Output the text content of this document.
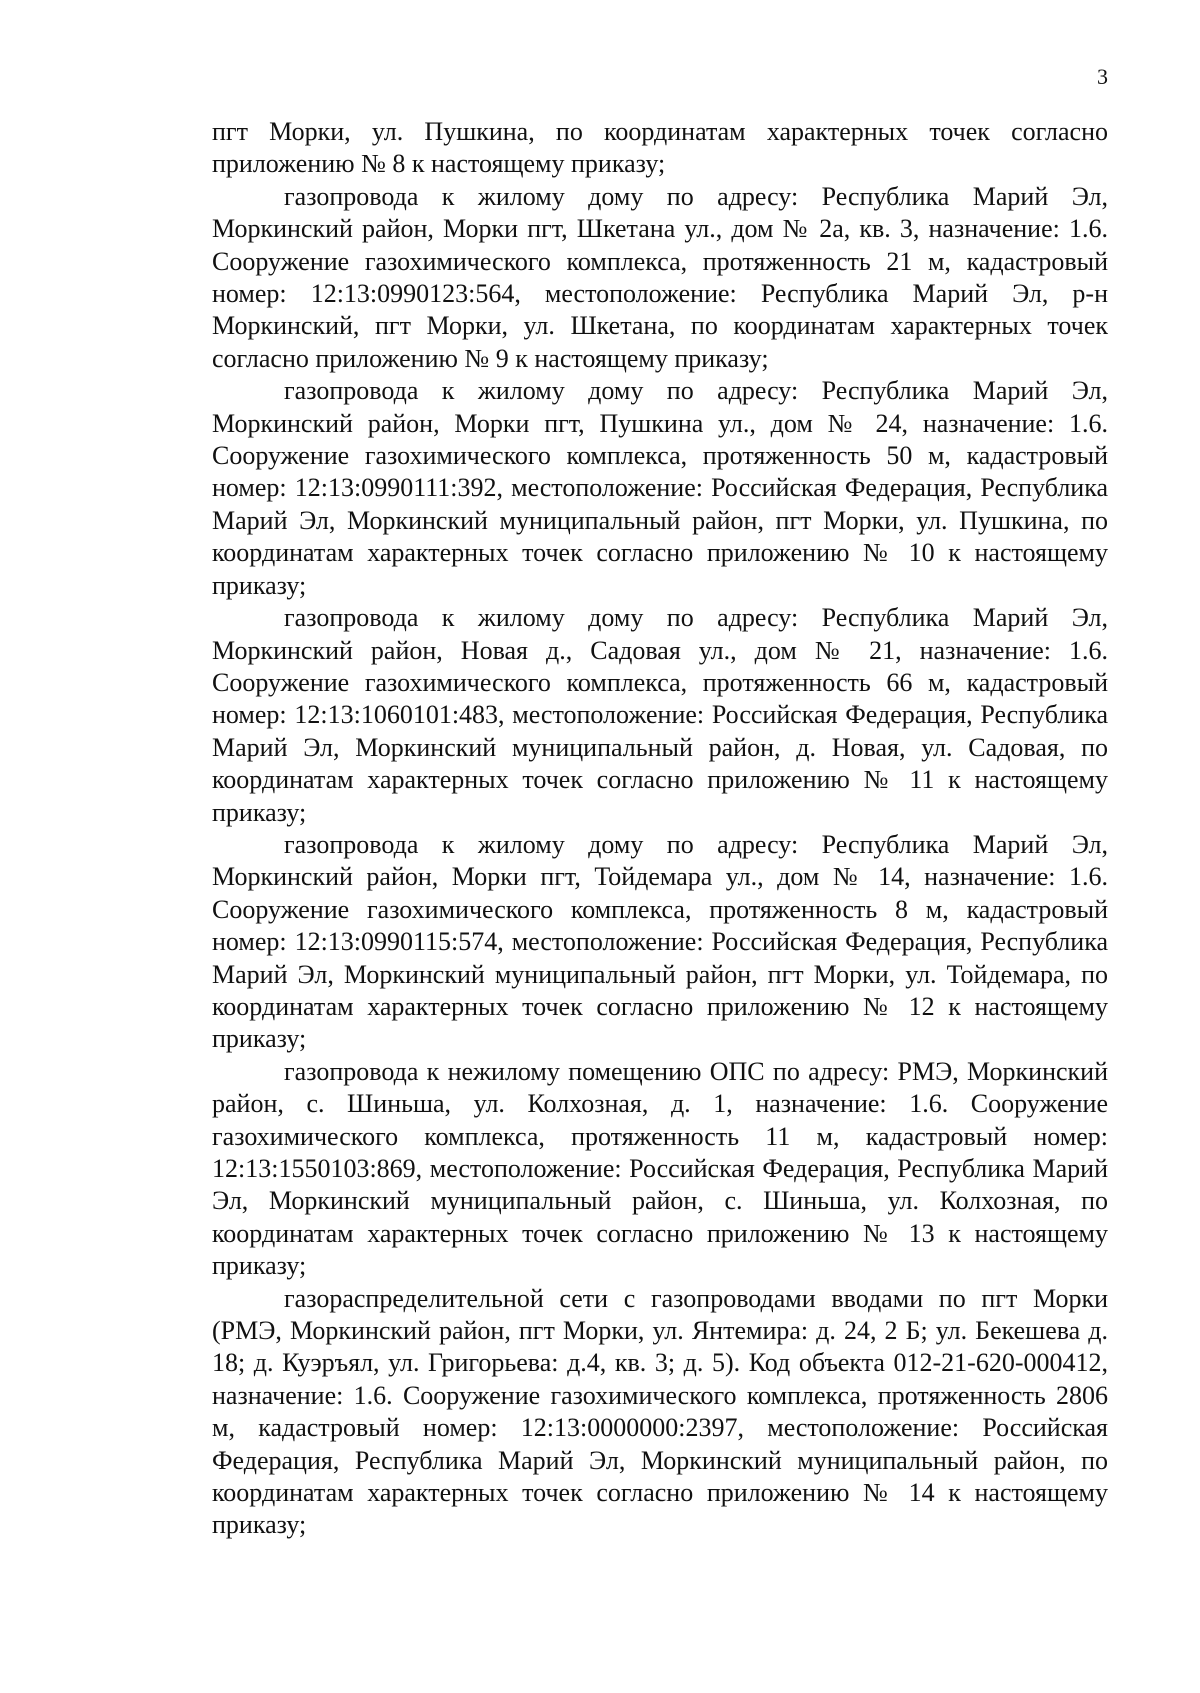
3

пгт Морки, ул. Пушкина, по координатам характерных точек согласно приложению № 8 к настоящему приказу;

газопровода к жилому дому по адресу: Республика Марий Эл, Моркинский район, Морки пгт, Шкетана ул., дом № 2а, кв. 3, назначение: 1.6. Сооружение газохимического комплекса, протяженность 21 м, кадастровый номер: 12:13:0990123:564, местоположение: Республика Марий Эл, р-н Моркинский, пгт Морки, ул. Шкетана, по координатам характерных точек согласно приложению № 9 к настоящему приказу;

газопровода к жилому дому по адресу: Республика Марий Эл, Моркинский район, Морки пгт, Пушкина ул., дом № 24, назначение: 1.6. Сооружение газохимического комплекса, протяженность 50 м, кадастровый номер: 12:13:0990111:392, местоположение: Российская Федерация, Республика Марий Эл, Моркинский муниципальный район, пгт Морки, ул. Пушкина, по координатам характерных точек согласно приложению № 10 к настоящему приказу;

газопровода к жилому дому по адресу: Республика Марий Эл, Моркинский район, Новая д., Садовая ул., дом № 21, назначение: 1.6. Сооружение газохимического комплекса, протяженность 66 м, кадастровый номер: 12:13:1060101:483, местоположение: Российская Федерация, Республика Марий Эл, Моркинский муниципальный район, д. Новая, ул. Садовая, по координатам характерных точек согласно приложению № 11 к настоящему приказу;

газопровода к жилому дому по адресу: Республика Марий Эл, Моркинский район, Морки пгт, Тойдемара ул., дом № 14, назначение: 1.6. Сооружение газохимического комплекса, протяженность 8 м, кадастровый номер: 12:13:0990115:574, местоположение: Российская Федерация, Республика Марий Эл, Моркинский муниципальный район, пгт Морки, ул. Тойдемара, по координатам характерных точек согласно приложению № 12 к настоящему приказу;

газопровода к нежилому помещению ОПС по адресу: РМЭ, Моркинский район, с. Шиньша, ул. Колхозная, д. 1, назначение: 1.6. Сооружение газохимического комплекса, протяженность 11 м, кадастровый номер: 12:13:1550103:869, местоположение: Российская Федерация, Республика Марий Эл, Моркинский муниципальный район, с. Шиньша, ул. Колхозная, по координатам характерных точек согласно приложению № 13 к настоящему приказу;

газораспределительной сети с газопроводами вводами по пгт Морки (РМЭ, Моркинский район, пгт Морки, ул. Янтемира: д. 24, 2 Б; ул. Бекешева д. 18; д. Куэръял, ул. Григорьева: д.4, кв. 3; д. 5). Код объекта 012-21-620-000412, назначение: 1.6. Сооружение газохимического комплекса, протяженность 2806 м, кадастровый номер: 12:13:0000000:2397, местоположение: Российская Федерация, Республика Марий Эл, Моркинский муниципальный район, по координатам характерных точек согласно приложению № 14 к настоящему приказу;
